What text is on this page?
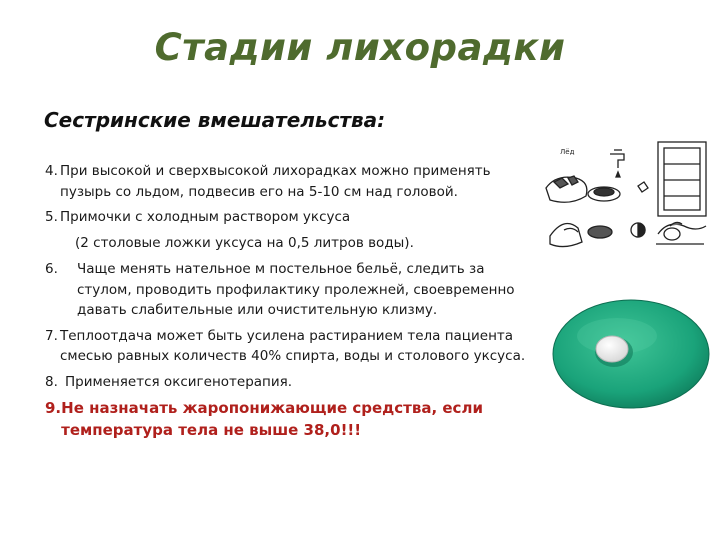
Стадии лихорадки
Сестринские вмешательства:
4. При высокой и сверхвысокой лихорадках можно применять пузырь со льдом, подвесив его на 5-10 см над головой.
5. Примочки с холодным раствором уксуса
(2 столовые ложки уксуса на 0,5 литров воды).
6.	Чаще менять нательное м постельное бельё, следить за стулом, проводить профилактику пролежней, своевременно давать слабительные или очистительную клизму.
7. Теплоотдача может быть усилена растиранием тела пациента смесью равных количеств 40% спирта, воды и столового уксуса.
8. Применяется оксигенотерапия.
9. Не назначать жаропонижающие средства, если температура тела не выше 38,0!!!
Лёд
